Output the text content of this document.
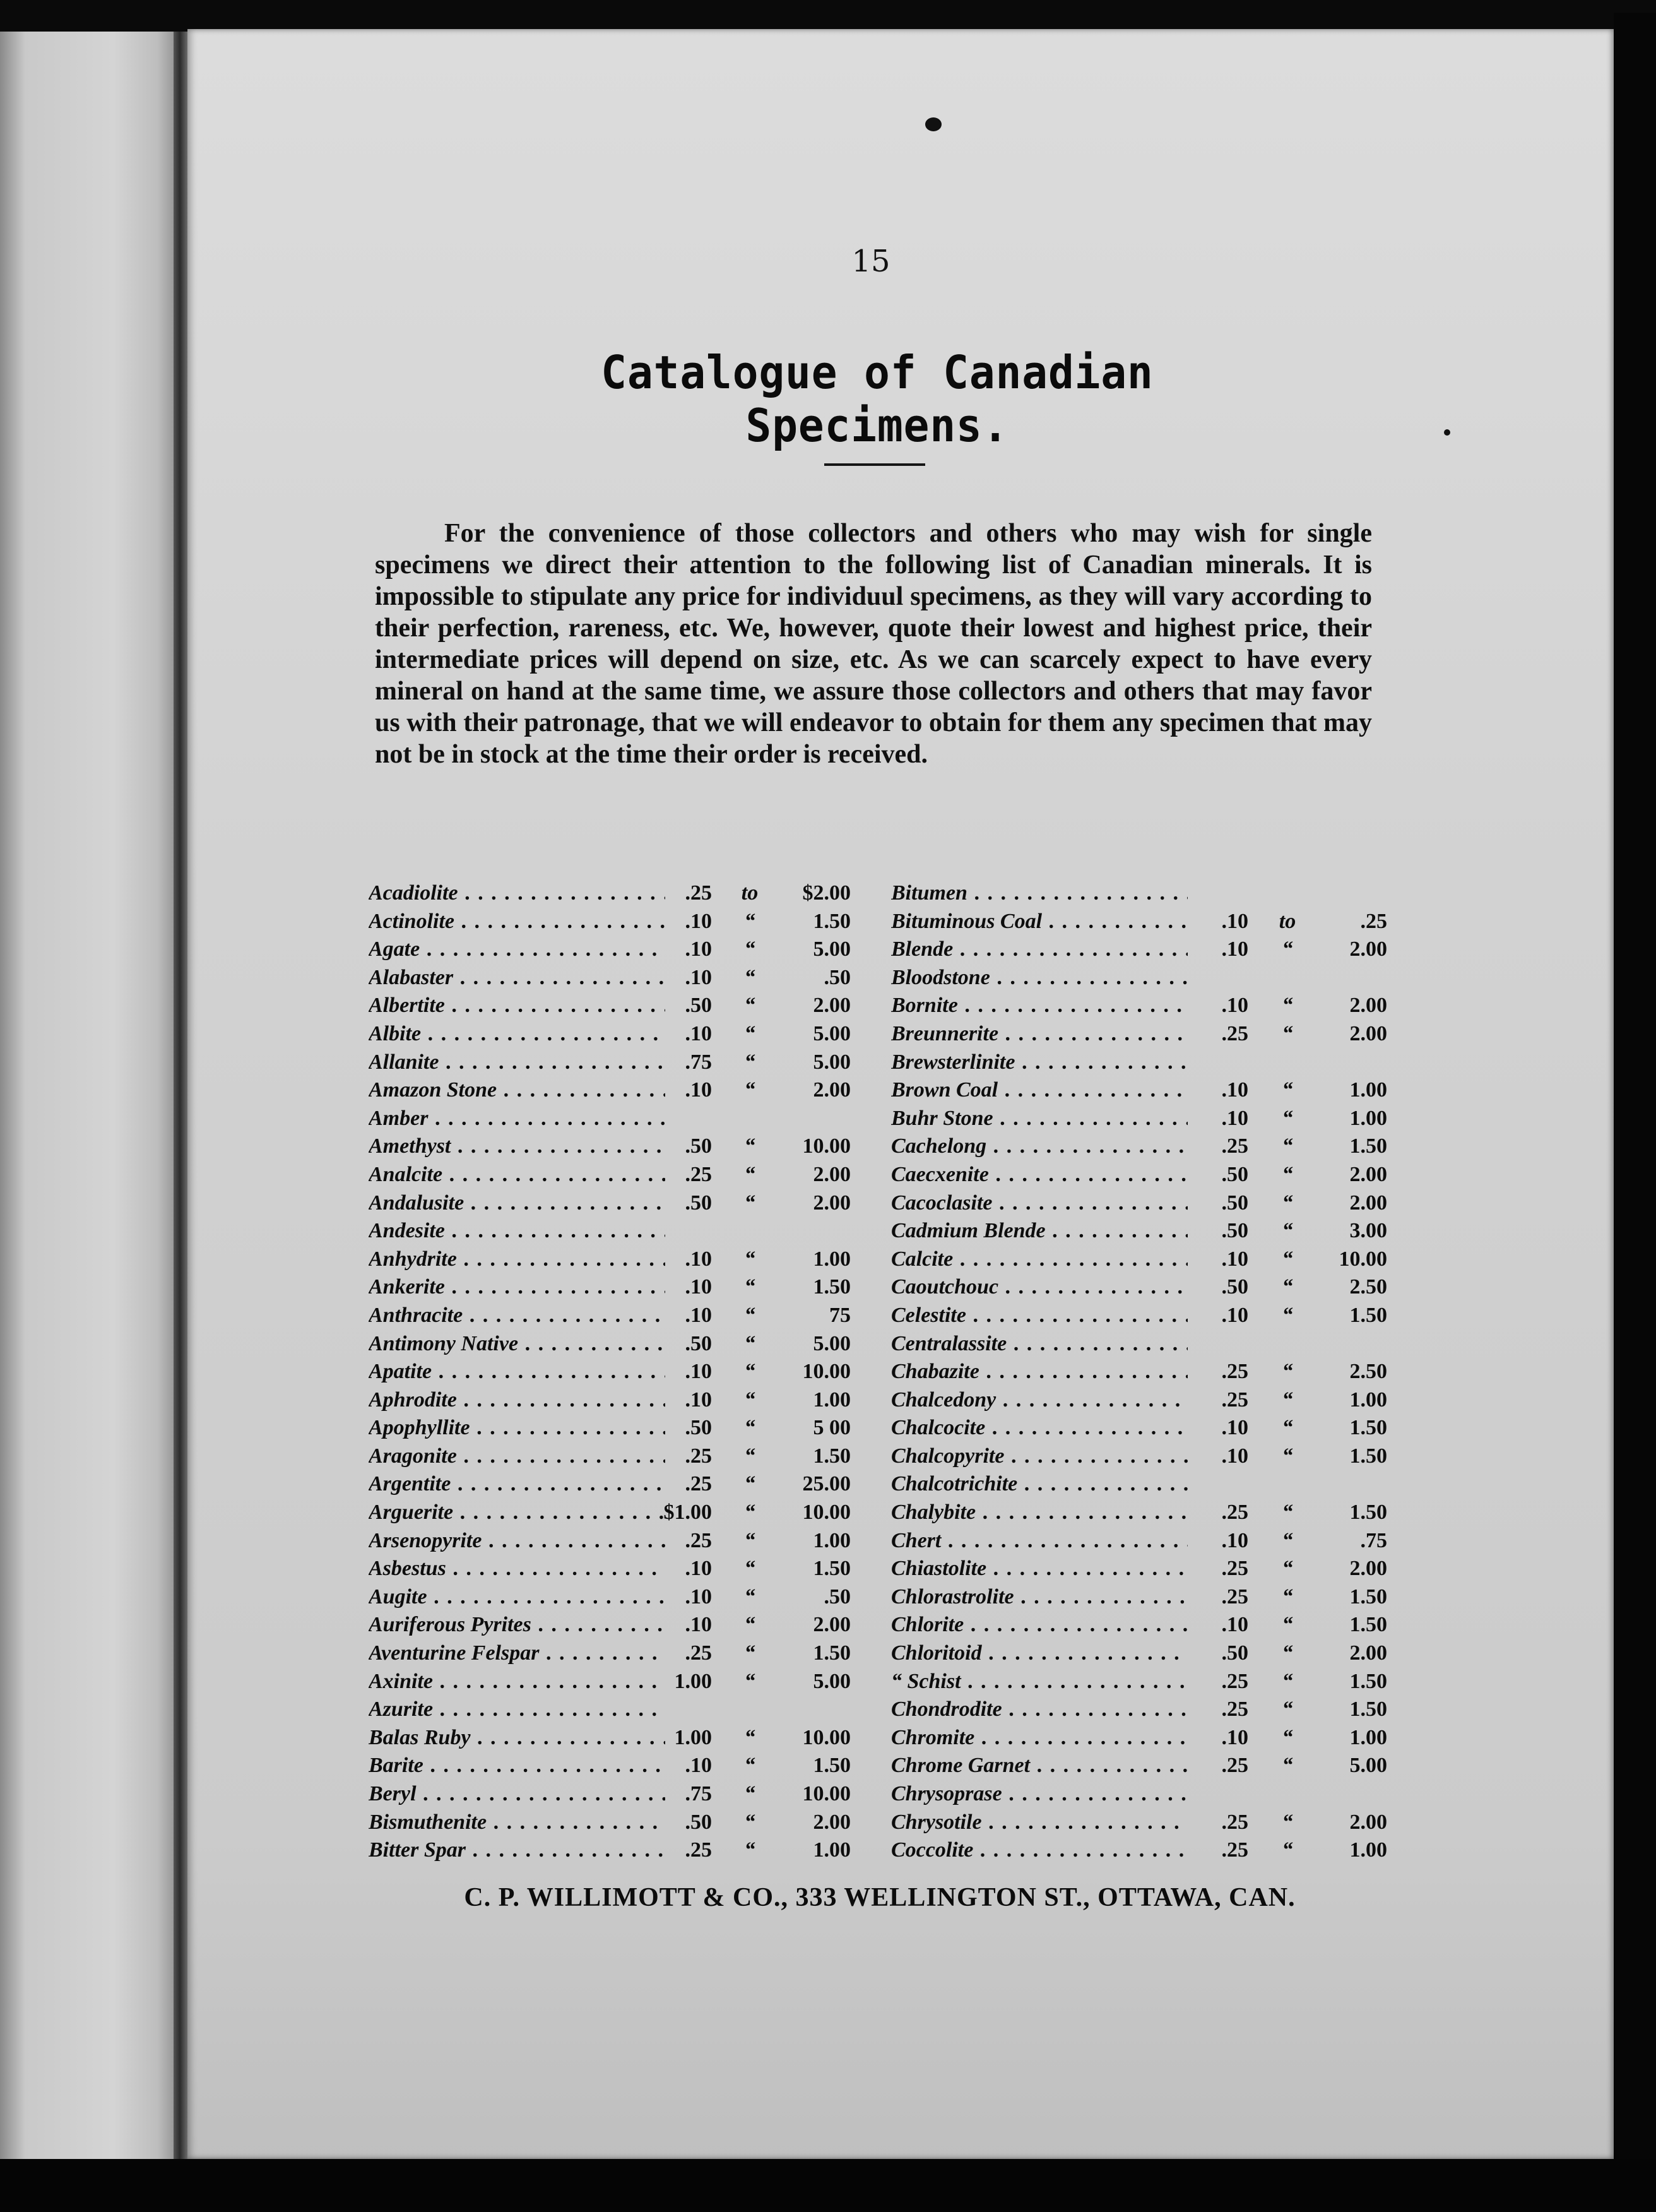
15
Catalogue of Canadian Specimens.
For the convenience of those collectors and others who may wish for single specimens we direct their attention to the following list of Canadian minerals. It is impossible to stipulate any price for individuul specimens, as they will vary according to their perfection, rareness, etc. We, however, quote their lowest and highest price, their intermediate prices will depend on size, etc. As we can scarcely expect to have every mineral on hand at the same time, we assure those collectors and others that may favor us with their patronage, that we will endeavor to obtain for them any specimen that may not be in stock at the time their order is received.
Acadiolite . . .	.25	to	$2.00
Actinolite . . .	.10	“	1.50
Agate . . .	.10	“	5.00
Alabaster . . .	.10	“	.50
Albertite . . .	.50	“	2.00
Albite . . .	.10	“	5.00
Allanite . . .	.75	“	5.00
Amazon Stone . . .	.10	“	2.00
Amber . . .
Amethyst . . .	.50	“	10.00
Analcite . . .	.25	“	2.00
Andalusite . . .	.50	“	2.00
Andesite . . .
Anhydrite . . .	.10	“	1.00
Ankerite . . .	.10	“	1.50
Anthracite . . .	.10	“	75
Antimony Native . . .	.50	“	5.00
Apatite . . .	.10	“	10.00
Aphrodite . . .	.10	“	1.00
Apophyllite . . .	.50	“	5 00
Aragonite . . .	.25	“	1.50
Argentite . . .	.25	“	25.00
Arguerite . . .	$1.00	“	10.00
Arsenopyrite . . .	.25	“	1.00
Asbestus . . .	.10	“	1.50
Augite . . .	.10	“	.50
Auriferous Pyrites . . .	.10	“	2.00
Aventurine Felspar . . .	.25	“	1.50
Axinite . . .	1.00	“	5.00
Azurite . . .
Balas Ruby . . .	1.00	“	10.00
Barite . . .	.10	“	1.50
Beryl . . .	.75	“	10.00
Bismuthenite . . .	.50	“	2.00
Bitter Spar . . .	.25	“	1.00
Bitumen . . .
Bituminous Coal . . .	.10	to	.25
Blende . . .	.10	“	2.00
Bloodstone . . .
Bornite . . .	.10	“	2.00
Breunnerite . . .	.25	“	2.00
Brewsterlinite . . .
Brown Coal . . .	.10	“	1.00
Buhr Stone . . .	.10	“	1.00
Cachelong . . .	.25	“	1.50
Caecxenite . . .	.50	“	2.00
Cacoclasite . . .	.50	“	2.00
Cadmium Blende . . .	.50	“	3.00
Calcite . . .	.10	“	10.00
Caoutchouc . . .	.50	“	2.50
Celestite . . .	.10	“	1.50
Centralassite . . .
Chabazite . . .	.25	“	2.50
Chalcedony . . .	.25	“	1.00
Chalcocite . . .	.10	“	1.50
Chalcopyrite . . .	.10	“	1.50
Chalcotrichite . . .
Chalybite . . .	.25	“	1.50
Chert . . .	.10	“	.75
Chiastolite . . .	.25	“	2.00
Chlorastrolite . . .	.25	“	1.50
Chlorite . . .	.10	“	1.50
Chloritoid . . .	.50	“	2.00
“ Schist . . .	.25	“	1.50
Chondrodite . . .	.25	“	1.50
Chromite . . .	.10	“	1.00
Chrome Garnet . . .	.25	“	5.00
Chrysoprase . . .
Chrysotile . . .	.25	“	2.00
Coccolite . . .	.25	“	1.00
C. P. WILLIMOTT & CO., 333 WELLINGTON ST., OTTAWA, CAN.
